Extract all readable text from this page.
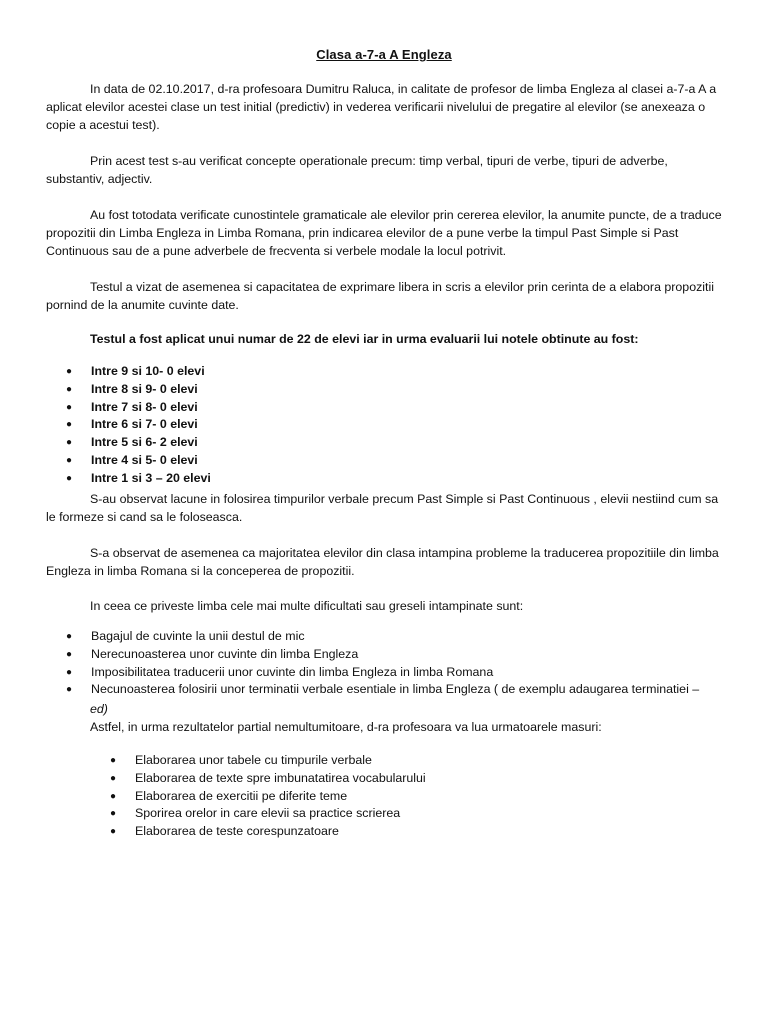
Clasa a-7-a A Engleza

In data de 02.10.2017, d-ra profesoara Dumitru Raluca, in calitate de profesor de limba Engleza al clasei a-7-a A a aplicat elevilor acestei clase un test initial (predictiv) in vederea verificarii nivelului de pregatire al elevilor (se anexeaza o copie a acestui test).

Prin acest test s-au verificat concepte operationale precum: timp verbal, tipuri de verbe, tipuri de adverbe, substantiv, adjectiv.

Au fost totodata verificate cunostintele gramaticale ale elevilor prin cererea elevilor, la anumite puncte, de a traduce propozitii din Limba Engleza in Limba Romana, prin indicarea elevilor de a pune verbe la timpul Past Simple si Past Continuous sau de a pune adverbele de frecventa si verbele modale la locul potrivit.

Testul a vizat de asemenea si capacitatea de exprimare libera in scris a elevilor prin cerinta de a elabora propozitii pornind de la anumite cuvinte date.

Testul a fost aplicat unui numar de 22 de elevi iar in urma evaluarii lui notele obtinute au fost:

● Intre 9 si 10- 0 elevi
● Intre 8 si 9- 0 elevi
● Intre 7 si 8- 0 elevi
● Intre 6 si 7- 0 elevi
● Intre 5 si 6- 2 elevi
● Intre 4 si 5- 0 elevi
● Intre 1 si 3 – 20 elevi

S-au observat lacune in folosirea timpurilor verbale precum Past Simple si Past Continuous , elevii nestiind cum sa le formeze si cand sa le foloseasca.

S-a observat de asemenea ca majoritatea elevilor din clasa intampina probleme la traducerea propozitiile din limba Engleza in limba Romana si la conceperea de propozitii.

In ceea ce priveste limba cele mai multe dificultati sau greseli intampinate sunt:

● Bagajul de cuvinte la unii destul de mic
● Nerecunoasterea unor cuvinte din limba Engleza
● Imposibilitatea traducerii unor cuvinte din limba Engleza in limba Romana
● Necunoasterea folosirii unor terminatii verbale esentiale in limba Engleza ( de exemplu adaugarea terminatiei –
ed)
Astfel, in urma rezultatelor partial nemultumitoare, d-ra profesoara va lua urmatoarele masuri:
● Elaborarea unor tabele cu timpurile verbale
● Elaborarea de texte spre imbunatatirea vocabularului
● Elaborarea de exercitii pe diferite teme
● Sporirea orelor in care elevii sa practice scrierea
● Elaborarea de teste corespunzatoare
